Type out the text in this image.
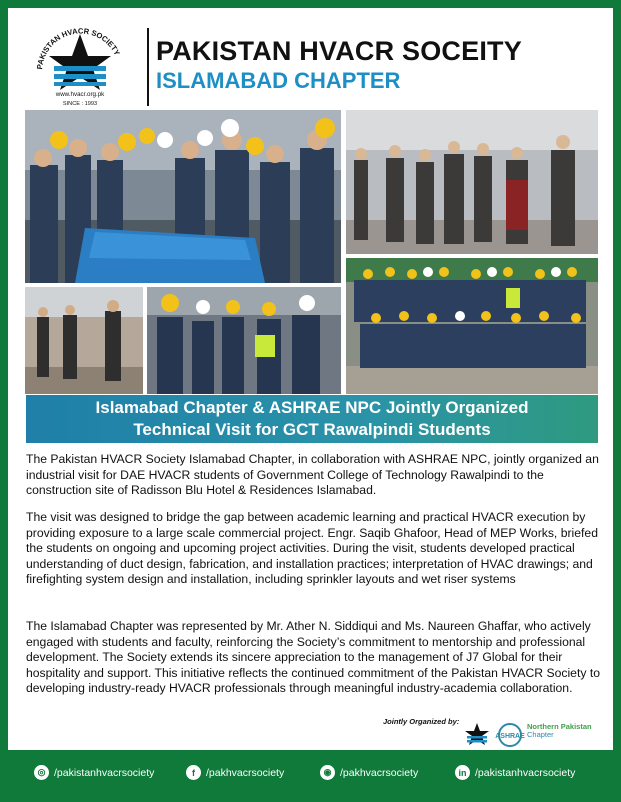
PAKISTAN HVACR SOCIETY
www.hvacr.org.pk
SINCE : 1993
PAKISTAN HVACR SOCEITY
ISLAMABAD CHAPTER
Islamabad Chapter & ASHRAE NPC Jointly Organized
Technical Visit for GCT Rawalpindi Students

The Pakistan HVACR Society Islamabad Chapter, in collaboration with ASHRAE NPC, jointly organized an industrial visit for DAE HVACR students of Government College of Technology Rawalpindi to the construction site of Radisson Blu Hotel & Residences Islamabad.

The visit was designed to bridge the gap between academic learning and practical HVACR execution by providing exposure to a large scale commercial project. Engr. Saqib Ghafoor, Head of MEP Works, briefed the students on ongoing and upcoming project activities. During the visit, students developed practical understanding of duct design, fabrication, and installation practices; interpretation of HVAC drawings; and firefighting system design and installation, including sprinkler layouts and wet riser systems

The Islamabad Chapter was represented by Mr. Ather N. Siddiqui and Ms. Naureen Ghaffar, who actively engaged with students and faculty, reinforcing the Society’s commitment to mentorship and professional development. The Society extends its sincere appreciation to the management of J7 Global for their hospitality and support. This initiative reflects the continued commitment of the Pakistan HVACR Society to developing industry-ready HVACR professionals through meaningful industry-academia collaboration.

Jointly Organized by:
ASHRAE
Northern Pakistan
Chapter
◎ /pakistanhvacrsociety	f	/pakhvacrsociety	◉ /pakhvacrsociety	in /pakistanhvacrsociety
